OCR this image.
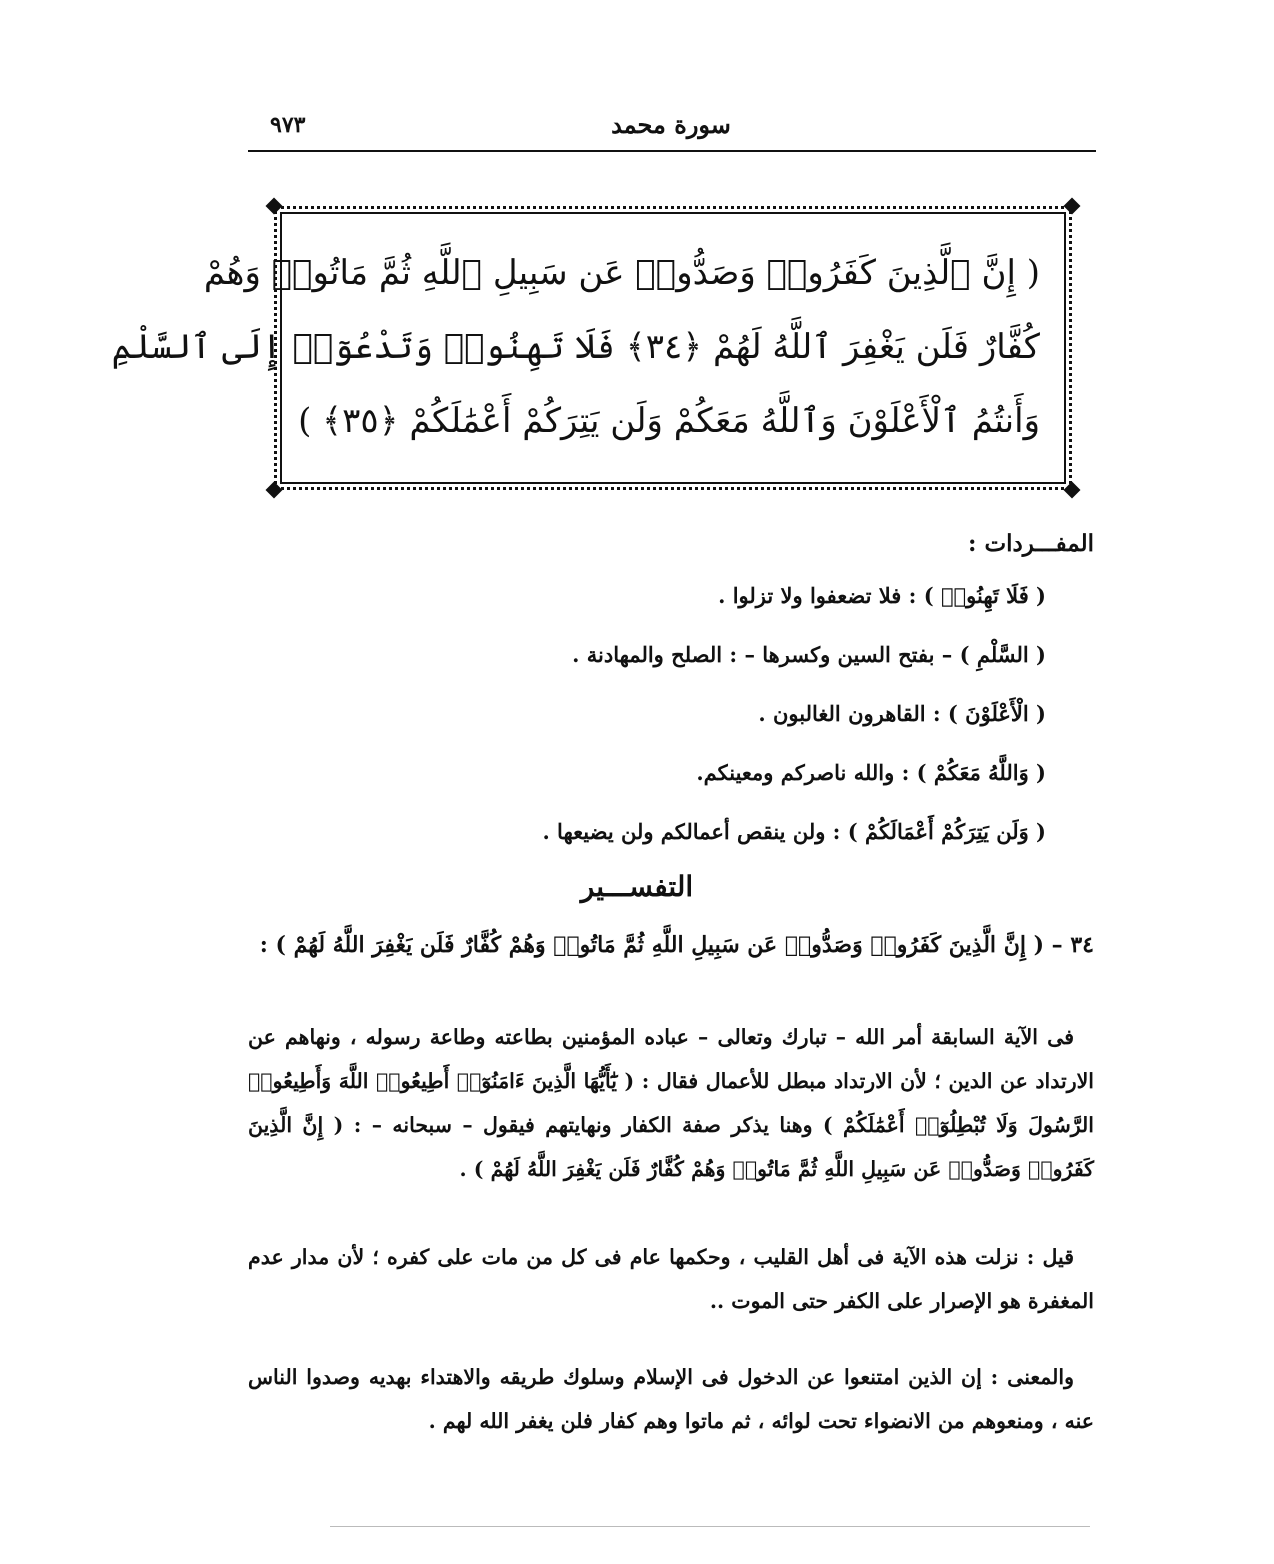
٩٧٣	سورة محمد
( إِنَّ ٱلَّذِينَ كَفَرُوا۟ وَصَدُّوا۟ عَن سَبِيلِ ٱللَّهِ ثُمَّ مَاتُوا۟ وَهُمْ
كُفَّارٌ فَلَن يَغْفِرَ ٱللَّهُ لَهُمْ ﴿٣٤﴾ فَلَا تَهِنُوا۟ وَتَدْعُوٓا۟ إِلَى ٱلسَّلْمِ
وَأَنتُمُ ٱلْأَعْلَوْنَ وَٱللَّهُ مَعَكُمْ وَلَن يَتِرَكُمْ أَعْمَٰلَكُمْ ﴿٣٥﴾ )
المفـــردات :
( فَلَا تَهِنُوا۟ ) : فلا تضعفوا ولا تزلوا .
( السَّلْمِ ) – بفتح السين وكسرها – : الصلح والمهادنة .
( الْأَعْلَوْنَ ) : القاهرون الغالبون .
( وَاللَّهُ مَعَكُمْ ) : والله ناصركم ومعينكم.
( وَلَن يَتِرَكُمْ أَعْمَالَكُمْ ) : ولن ينقص أعمالكم ولن يضيعها .
التفســـير
٣٤ – ( إِنَّ الَّذِينَ كَفَرُوا۟ وَصَدُّوا۟ عَن سَبِيلِ اللَّهِ ثُمَّ مَاتُوا۟ وَهُمْ كُفَّارٌ فَلَن يَغْفِرَ اللَّهُ لَهُمْ ) :

فى الآية السابقة أمر الله – تبارك وتعالى – عباده المؤمنين بطاعته وطاعة رسوله ، ونهاهم عن الارتداد عن الدين ؛ لأن الارتداد مبطل للأعمال فقال : ( يَٰٓأَيُّهَا الَّذِينَ ءَامَنُوٓا۟ أَطِيعُوا۟ اللَّهَ وَأَطِيعُوا۟ الرَّسُولَ وَلَا تُبْطِلُوٓا۟ أَعْمَٰلَكُمْ ) وهنا يذكر صفة الكفار ونهايتهم فيقول – سبحانه – : ( إِنَّ الَّذِينَ كَفَرُوا۟ وَصَدُّوا۟ عَن سَبِيلِ اللَّهِ ثُمَّ مَاتُوا۟ وَهُمْ كُفَّارٌ فَلَن يَغْفِرَ اللَّهُ لَهُمْ ) .

قيل : نزلت هذه الآية فى أهل القليب ، وحكمها عام فى كل من مات على كفره ؛ لأن مدار عدم المغفرة هو الإصرار على الكفر حتى الموت ..

والمعنى : إن الذين امتنعوا عن الدخول فى الإسلام وسلوك طريقه والاهتداء بهديه وصدوا الناس عنه ، ومنعوهم من الانضواء تحت لوائه ، ثم ماتوا وهم كفار فلن يغفر الله لهم .
